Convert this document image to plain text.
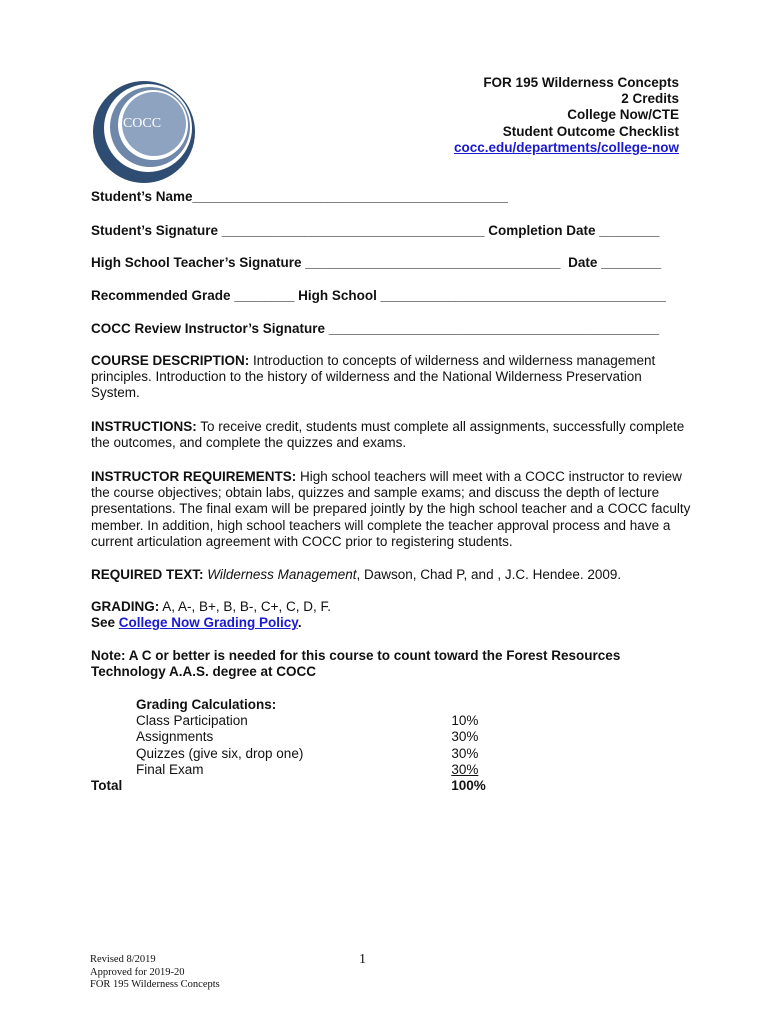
COCC
FOR 195 Wilderness Concepts
2 Credits
College Now/CTE
Student Outcome Checklist
cocc.edu/departments/college-now
Student’s Name__________________________________________
Student’s Signature ___________________________________ Completion Date ________
High School Teacher’s Signature __________________________________  Date ________
Recommended Grade ________ High School ______________________________________
COCC Review Instructor’s Signature ____________________________________________
COURSE DESCRIPTION: Introduction to concepts of wilderness and wilderness management principles. Introduction to the history of wilderness and the National Wilderness Preservation System.
INSTRUCTIONS: To receive credit, students must complete all assignments, successfully complete the outcomes, and complete the quizzes and exams.
INSTRUCTOR REQUIREMENTS: High school teachers will meet with a COCC instructor to review the course objectives; obtain labs, quizzes and sample exams; and discuss the depth of lecture presentations. The final exam will be prepared jointly by the high school teacher and a COCC faculty member. In addition, high school teachers will complete the teacher approval process and have a current articulation agreement with COCC prior to registering students.
REQUIRED TEXT: Wilderness Management, Dawson, Chad P, and , J.C. Hendee. 2009.
GRADING: A, A-, B+, B, B-, C+, C, D, F.
See College Now Grading Policy.
Note: A C or better is needed for this course to count toward the Forest Resources Technology A.A.S. degree at COCC
Grading Calculations:
Class Participation	10%
Assignments	30%
Quizzes (give six, drop one)	30%
Final Exam	30%
Total	100%
1
Revised 8/2019
Approved for 2019-20
FOR 195 Wilderness Concepts
